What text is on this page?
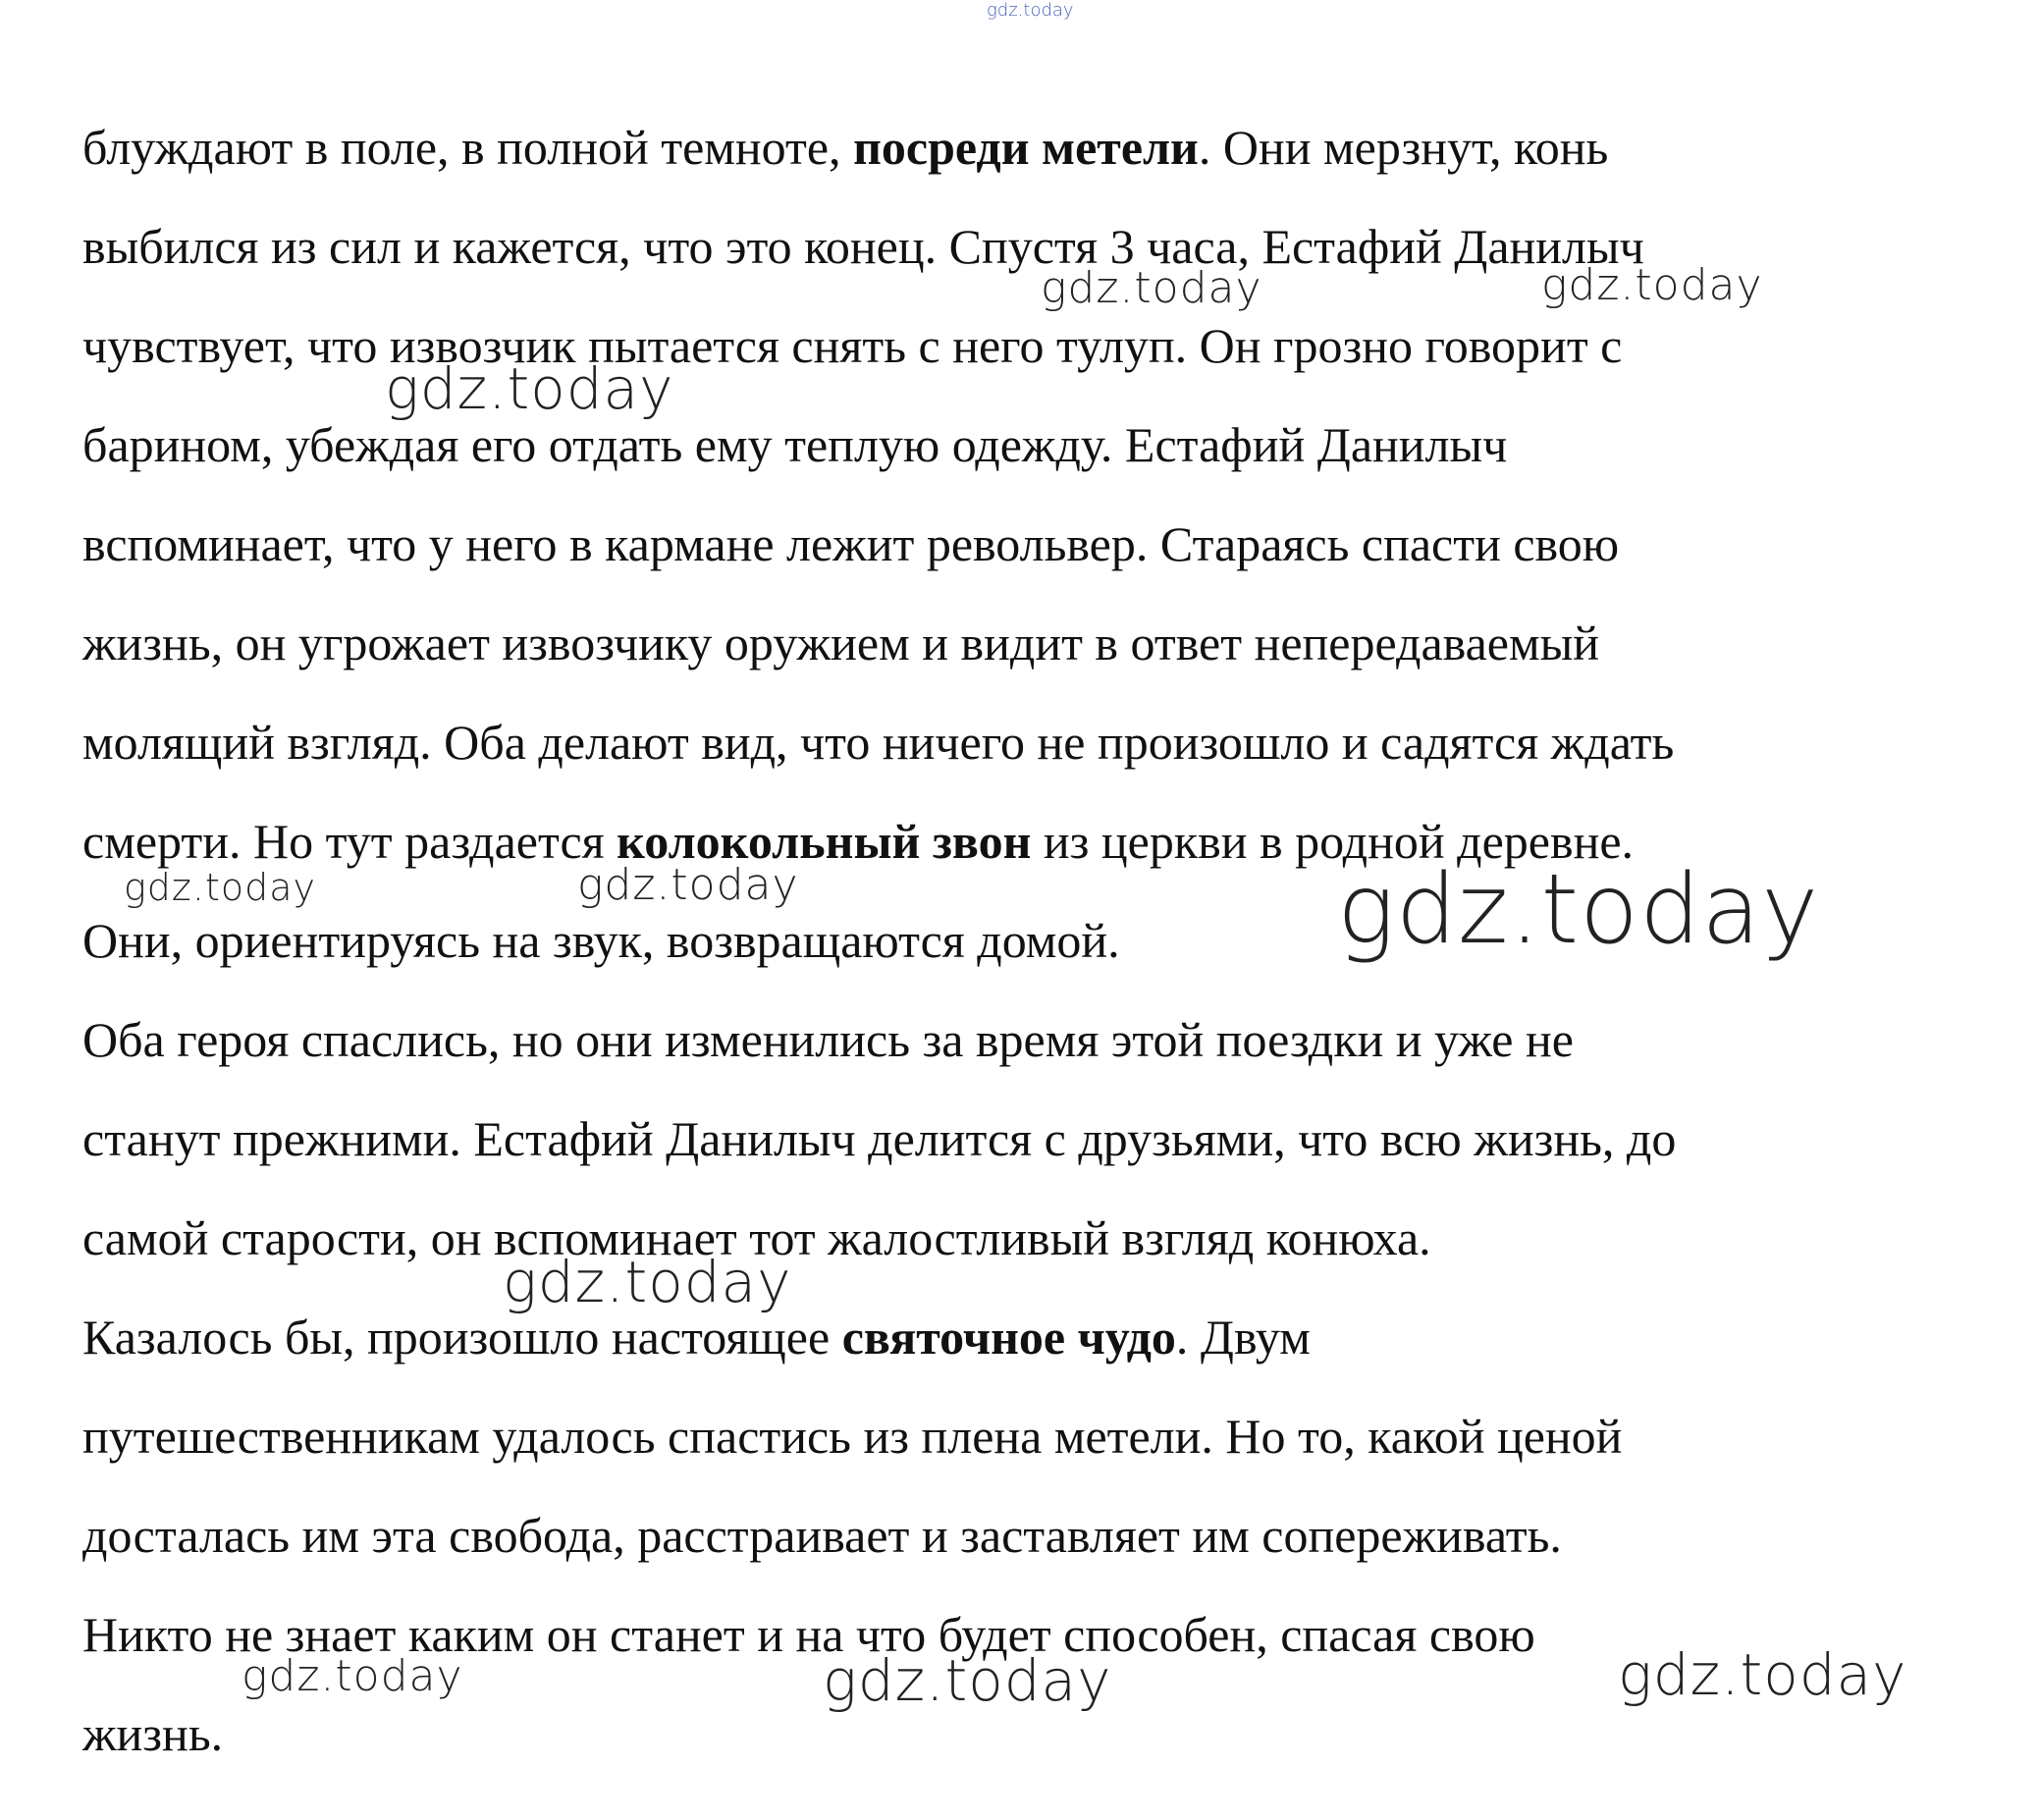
gdz.today
блуждают в поле, в полной темноте, посреди метели. Они мерзнут, конь
выбился из сил и кажется, что это конец. Спустя 3 часа, Естафий Данилыч
чувствует, что извозчик пытается снять с него тулуп. Он грозно говорит с
барином, убеждая его отдать ему теплую одежду. Естафий Данилыч
вспоминает, что у него в кармане лежит револьвер. Стараясь спасти свою
жизнь, он угрожает извозчику оружием и видит в ответ непередаваемый
молящий взгляд. Оба делают вид, что ничего не произошло и садятся ждать
смерти. Но тут раздается колокольный звон из церкви в родной деревне.
Они, ориентируясь на звук, возвращаются домой.
Оба героя спаслись, но они изменились за время этой поездки и уже не
станут прежними. Естафий Данилыч делится с друзьями, что всю жизнь, до
самой старости, он вспоминает тот жалостливый взгляд конюха.
Казалось бы, произошло настоящее святочное чудо. Двум
путешественникам удалось спастись из плена метели. Но то, какой ценой
досталась им эта свобода, расстраивает и заставляет им сопереживать.
Никто не знает каким он станет и на что будет способен, спасая свою
жизнь.
gdz.today	gdz.today
gdz.today
gdz.today	gdz.today	gdz.today
gdz.today
gdz.today	gdz.today	gdz.today
